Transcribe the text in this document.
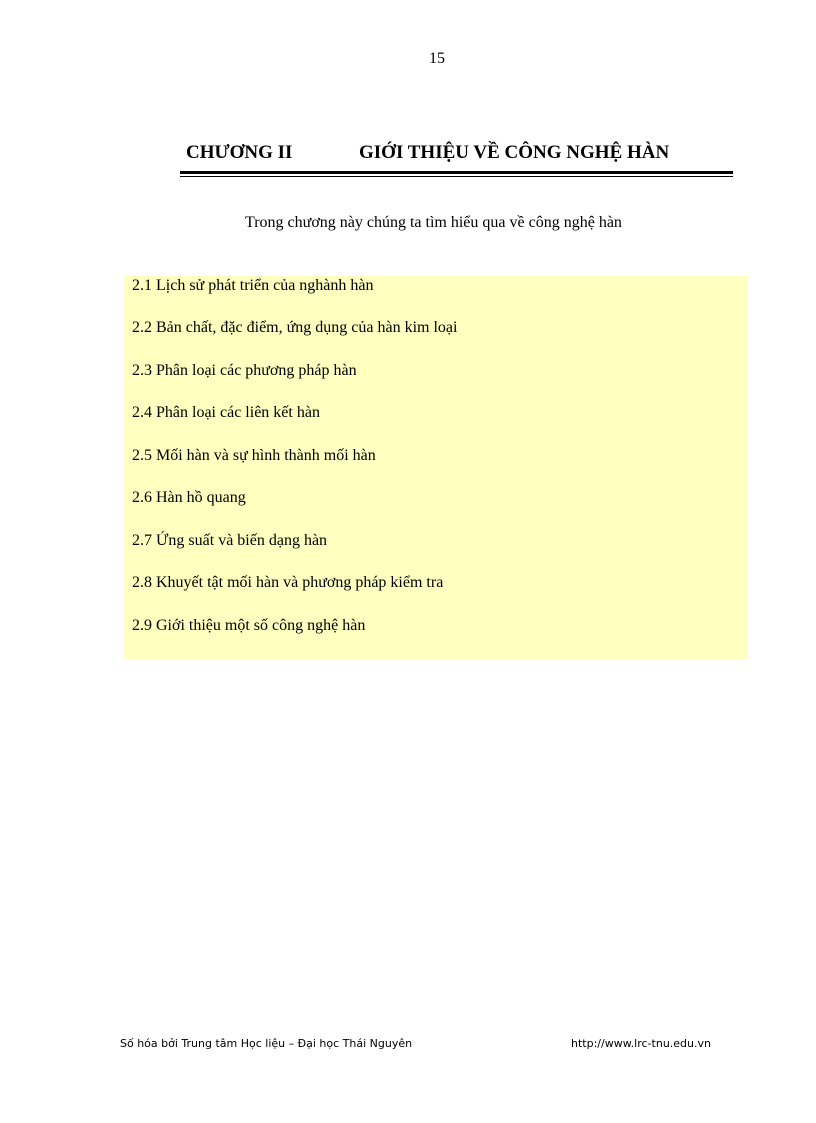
15
CHƯƠNG II	GIỚI THIỆU VỀ CÔNG NGHỆ HÀN
Trong chương này chúng ta tìm hiểu qua về công nghệ hàn
2.1 Lịch sử phát triển của nghành hàn
2.2 Bản chất, đặc điểm, ứng dụng của hàn kim loại
2.3 Phân loại các phương pháp hàn
2.4 Phân loại các liên kết hàn
2.5 Mối hàn và sự hình thành mối hàn
2.6 Hàn hồ quang
2.7 Ứng suất và biến dạng hàn
2.8 Khuyết tật mối hàn và phương pháp kiểm tra
2.9 Giới thiệu một số công nghệ hàn
Số hóa bởi Trung tâm Học liệu – Đại học Thái Nguyên	http://www.lrc-tnu.edu.vn
